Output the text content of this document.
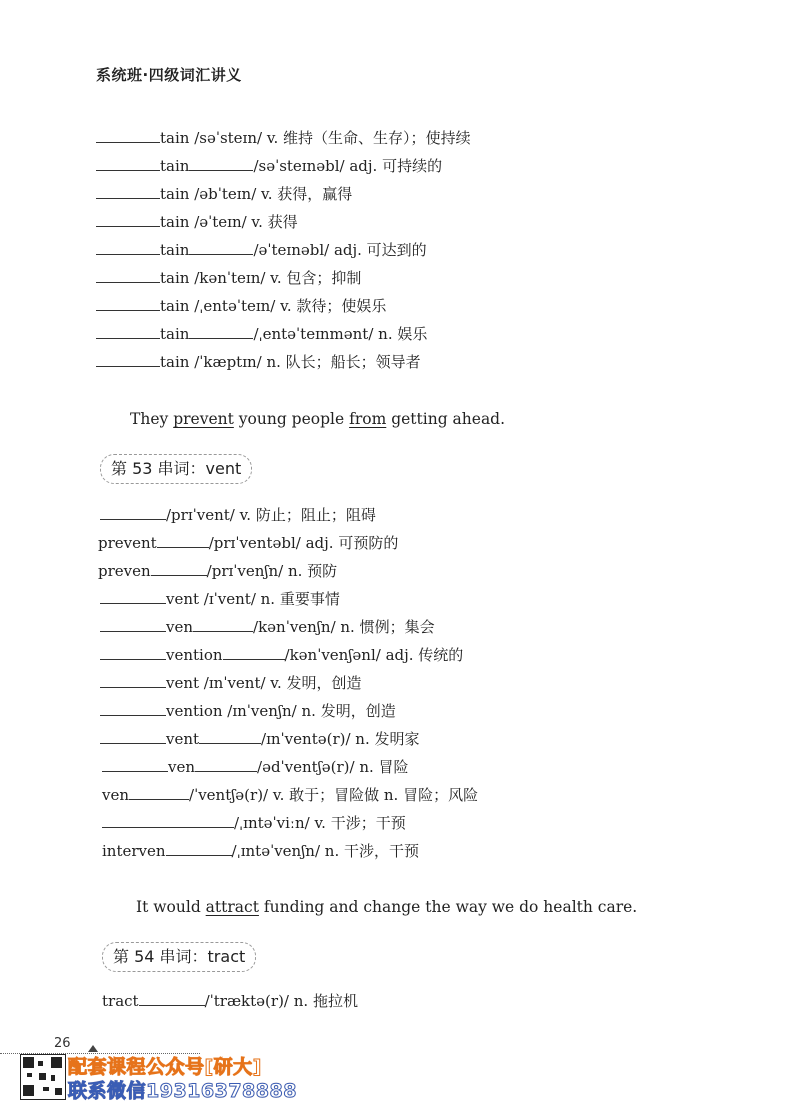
系统班·四级词汇讲义
tain /səˈsteɪn/ v. 维持（生命、生存）；使持续
tain	/səˈsteɪnəbl/ adj. 可持续的
tain /əbˈteɪn/ v. 获得，赢得
tain /əˈteɪn/ v. 获得
tain	/əˈteɪnəbl/ adj. 可达到的
tain /kənˈteɪn/ v. 包含；抑制
tain /ˌentəˈteɪn/ v. 款待；使娱乐
tain	/ˌentəˈteɪnmənt/ n. 娱乐
tain /ˈkæptɪn/ n. 队长；船长；领导者
They prevent young people from getting ahead.
第 53 串词：vent
/prɪˈvent/ v. 防止；阻止；阻碍
prevent	/prɪˈventəbl/ adj. 可预防的
preven	/prɪˈvenʃn/ n. 预防
vent /ɪˈvent/ n. 重要事情
ven	/kənˈvenʃn/ n. 惯例；集会
vention	/kənˈvenʃənl/ adj. 传统的
vent /ɪnˈvent/ v. 发明，创造
vention /ɪnˈvenʃn/ n. 发明，创造
vent	/ɪnˈventə(r)/ n. 发明家
ven	/ədˈventʃə(r)/ n. 冒险
ven	/ˈventʃə(r)/ v. 敢于；冒险做 n. 冒险；风险
/ˌɪntəˈviːn/ v. 干涉；干预
interven	/ˌɪntəˈvenʃn/ n. 干涉，干预
It would attract funding and change the way we do health care.
第 54 串词：tract
tract	/ˈtræktə(r)/ n. 拖拉机
26
配套课程公众号[研大]
联系微信19316378888
